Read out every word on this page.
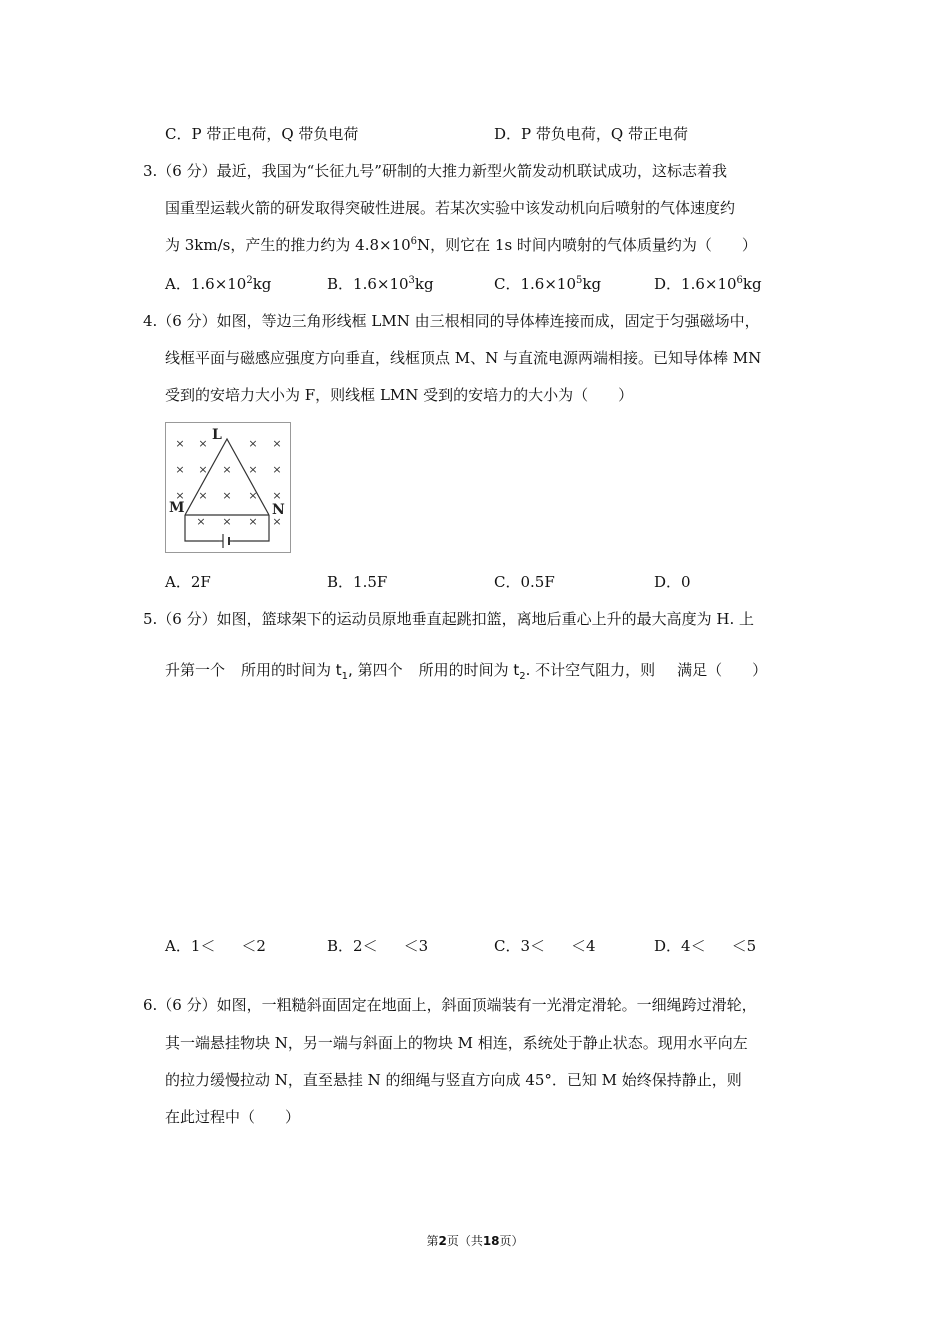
C．P 带正电荷，Q 带负电荷	D．P 带负电荷，Q 带正电荷
3.（6 分）最近，我国为“长征九号”研制的大推力新型火箭发动机联试成功，这标志着我
国重型运载火箭的研发取得突破性进展。若某次实验中该发动机向后喷射的气体速度约
为 3km/s，产生的推力约为 $4.8\times 10^6N$，则它在 1s 时间内喷射的气体质量约为（　　）
A．$1.6\times 10^2kg$	B．$1.6\times 10^3kg$	C．$1.6\times 10^5kg$	D．$1.6\times 10^6kg$
4.（6 分）如图，等边三角形线框 LMN 由三根相同的导体棒连接而成，固定于匀强磁场中，
线框平面与磁感应强度方向垂直，线框顶点 M、N 与直流电源两端相接。已知导体棒 MN
受到的安培力大小为 F，则线框 LMN 受到的安培力的大小为（　　）
× ×	× ×
× × × × ×
× × × × ×
× × × ×
L
M	N
A．2F	B．1.5F	C．0.5F	D．0
5.（6 分）如图，篮球架下的运动员原地垂直起跳扣篮，离地后重心上升的最大高度为 H. 上
升第一个 所用的时间为 $t_1$, 第四个 所用的时间为 $t_2$. 不计空气阻力，则 满足（　　）
A．1＜ ＜2	B．2＜ ＜3	C．3＜ ＜4	D．4＜ ＜5
6.（6 分）如图，一粗糙斜面固定在地面上，斜面顶端装有一光滑定滑轮。一细绳跨过滑轮，
其一端悬挂物块 N，另一端与斜面上的物块 M 相连，系统处于静止状态。现用水平向左
的拉力缓慢拉动 N，直至悬挂 N 的细绳与竖直方向成 45°．已知 M 始终保持静止，则
在此过程中（　　）
第2页（共18页）
